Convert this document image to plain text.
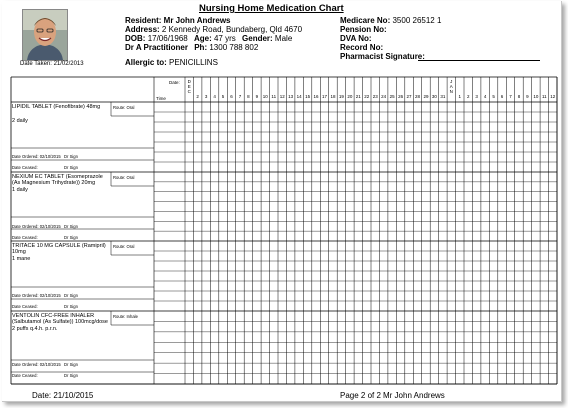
Date Taken: 21/02/2013
Nursing Home Medication Chart
Resident: Mr John Andrews
Address: 2 Kennedy Road, Bundaberg, Qld 4670
DOB: 17/06/1968 Age: 47 yrs Gender: Male
Dr A Practitioner Ph: 1300 788 802
Allergic to: PENICILLINS
Medicare No: 3500 26512 1
Pension No:
DVA No:
Record No:
Pharmacist Signature:
Date:
Time
D
E
C
J
A
N
2	3	4	5	6	7	8	9	10 11 12 13 14 15 16 17 18 19 20 21 22 23 24 25 26 27 28 29 30 31	1	2	3	4	5	6	7	8	9	10 11 12
LIPIDIL TABLET (Fenofibrate) 48mg
2 daily
Route: Oral
Date Ordered: 02/10/2015 Dr Sign
Date Ceased:	Dr Sign
NEXIUM EC TABLET (Esomeprazole (As Magnesium Trihydrate)) 20mg
1 daily
Route: Oral
Date Ordered: 02/10/2015 Dr Sign
Date Ceased:	Dr Sign
TRITACE 10 MG CAPSULE (Ramipril) 10mg
1 mane
Route: Oral
Date Ordered: 02/10/2015 Dr Sign
Date Ceased:	Dr Sign
VENTOLIN CFC-FREE INHALER (Salbutamol (As Sulfate)) 100mcg/dose
2 puffs q.4.h. p.r.n.
Route: Inhale
Date Ordered: 02/10/2015 Dr Sign
Date Ceased:	Dr Sign
Date: 21/10/2015	Page 2 of 2 Mr John Andrews
